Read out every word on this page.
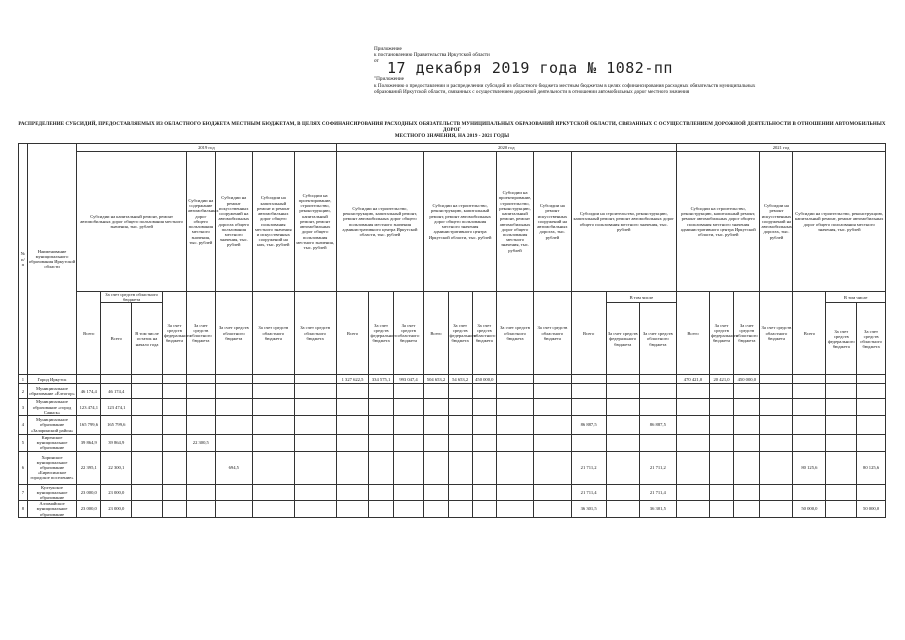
Приложение
к постановлению Правительства Иркутской области
от 17 декабря 2019 года № 1082-пп
"Приложение
к Положению о предоставлении и распределении субсидий из областного бюджета местным бюджетам в целях софинансирования расходных обязательств муниципальных
образований Иркутской области, связанных с осуществлением дорожной деятельности в отношении автомобильных дорог местного значения
РАСПРЕДЕЛЕНИЕ СУБСИДИЙ, ПРЕДОСТАВЛЯЕМЫХ ИЗ ОБЛАСТНОГО БЮДЖЕТА МЕСТНЫМ БЮДЖЕТАМ, В ЦЕЛЯХ СОФИНАНСИРОВАНИЯ РАСХОДНЫХ ОБЯЗАТЕЛЬСТВ МУНИЦИПАЛЬНЫХ ОБРАЗОВАНИЙ ИРКУТСКОЙ ОБЛАСТИ, СВЯЗАННЫХ С ОСУЩЕСТВЛЕНИЕМ ДОРОЖНОЙ ДЕЯТЕЛЬНОСТИ В ОТНОШЕНИИ АВТОМОБИЛЬНЫХ ДОРОГ
МЕСТНОГО ЗНАЧЕНИЯ, НА 2019 - 2021 ГОДЫ
№ п/п	Наименование муниципального образования Иркутской области	2019 год								2020 год											2021 год						
		Субсидии на капитальный ремонт, ремонт автомобильных дорог общего пользования местного значения, тыс. рублей				Субсидии на содержание автомобильных дорог общего пользования местного значения, тыс. рублей	Субсидии на ремонт искусственных сооружений на автомобильных дорогах общего пользования местного значения, тыс. рублей	Субсидии на капитальный ремонт и ремонт автомобильных дорог общего пользования местного значения и искусственных сооружений на них, тыс. рублей	Субсидии на проектирование, строительство, реконструкцию, капитальный ремонт, ремонт автомобильных дорог общего пользования местного значения, тыс. рублей	Субсидии на строительство, реконструкцию, капитальный ремонт, ремонт автомобильных дорог общего пользования местного значения административного центра Иркутской области, тыс. рублей			Субсидии на строительство, реконструкцию, капитальный ремонт, ремонт автомобильных дорог общего пользования местного значения административного центра Иркутской области, тыс. рублей			Субсидии на проектирование, строительство, реконструкцию, капитальный ремонт, ремонт автомобильных дорог общего пользования местного значения, тыс. рублей	Субсидии на ремонт искусственных сооружений на автомобильных дорогах, тыс. рублей	Субсидии на строительство, реконструкцию, капитальный ремонт, ремонт автомобильных дорог общего пользования местного значения, тыс. рублей			Субсидии на строительство, реконструкцию, капитальный ремонт, ремонт автомобильных дорог общего пользования местного значения административного центра Иркутской области, тыс. рублей			Субсидии на ремонт искусственных сооружений на автомобильных дорогах, тыс. рублей	Субсидии на строительство, реконструкцию, капитальный ремонт, ремонт автомобильных дорог общего пользования местного значения, тыс. рублей		
		Всего	За счет средств областного бюджета		За счет средств федерального бюджета	За счет средств областного бюджета	За счет средств областного бюджета	За счет средств областного бюджета	За счет средств областного бюджета	Всего	За счет средств федерального бюджета	За счет средств областного бюджета	Всего	За счет средств федерального бюджета	За счет средств областного бюджета	За счет средств областного бюджета	За счет средств областного бюджета	Всего	В том числе		Всего	За счет средств федерального бюджета	За счет средств областного бюджета	За счет средств областного бюджета	Всего	В том числе	
			Всего	В том числе остаток на начало года															За счет средств федерального бюджета	За счет средств областного бюджета						За счет средств федерального бюджета	За счет средств областного бюджета
1	Город Иркутск									1 327 622,5	334 575,1	993 047,4	504 653,2	54 653,2	450 000,0						470 421,0	20 421,0	450 000,0				
2	Муниципальное образование «Ёлтогор»	46 174,4	46 174,4																								
3	Муниципальное образование «город Саянск»	123 474,1	123 474,1																								
4	Муниципальное образование «Заларинский район»	165 799,6	165 799,6															86 887,5		86 887,5							
5	Киренское муниципальное образование	39 864,9	39 864,9			22 300,5																					
6	Хоринское муниципальное образование «Бирюсинское городское поселение»	22 395,1	22 300,1				694,5											21 711,2		21 711,2					80 125,6		80 125,6
7	Култукское муниципальное образование	23 000,0	23 000,0															21 711,4		21 711,4							
8	Алзамайское муниципальное образование	23 000,0	23 000,0															36 301,5		36 301,5					50 000,0		50 000,0
